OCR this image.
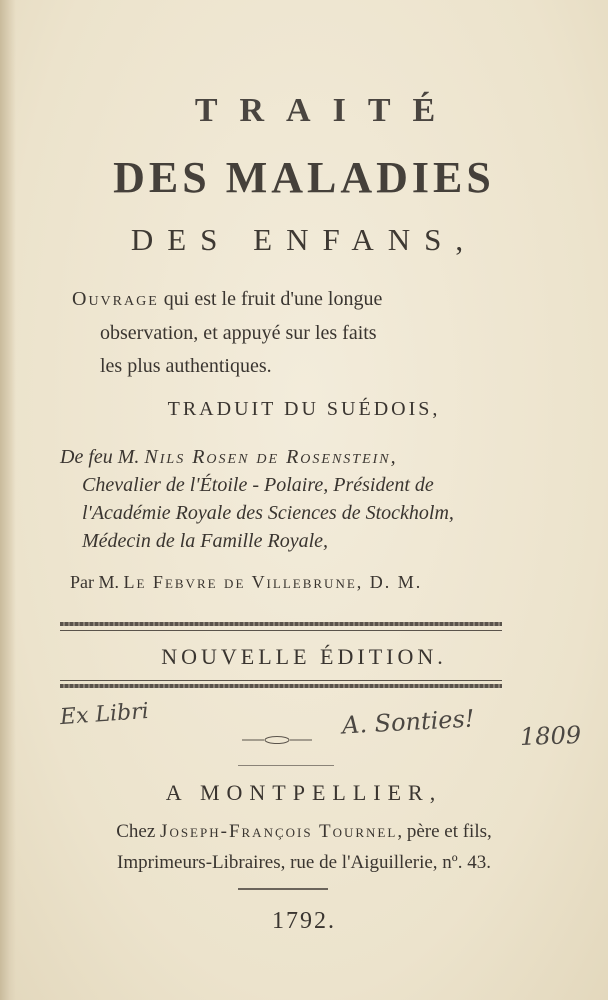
TRAITÉ
DES MALADIES
DES ENFANS,
Ouvrage qui est le fruit d'une longue
observation, et appuyé sur les faits
les plus authentiques.
TRADUIT DU SUÉDOIS,
De feu M. Nils Rosen de Rosenstein,
Chevalier de l'Étoile - Polaire, Président de
l'Académie Royale des Sciences de Stockholm,
Médecin de la Famille Royale,
Par M. Le Febvre de Villebrune, D. M.
NOUVELLE ÉDITION.
Ex Libri	A. Sonties! 1809
A MONTPELLIER,
Chez Joseph-François Tournel, père et fils,
Imprimeurs-Libraires, rue de l'Aiguillerie, nº. 43.
1792.
